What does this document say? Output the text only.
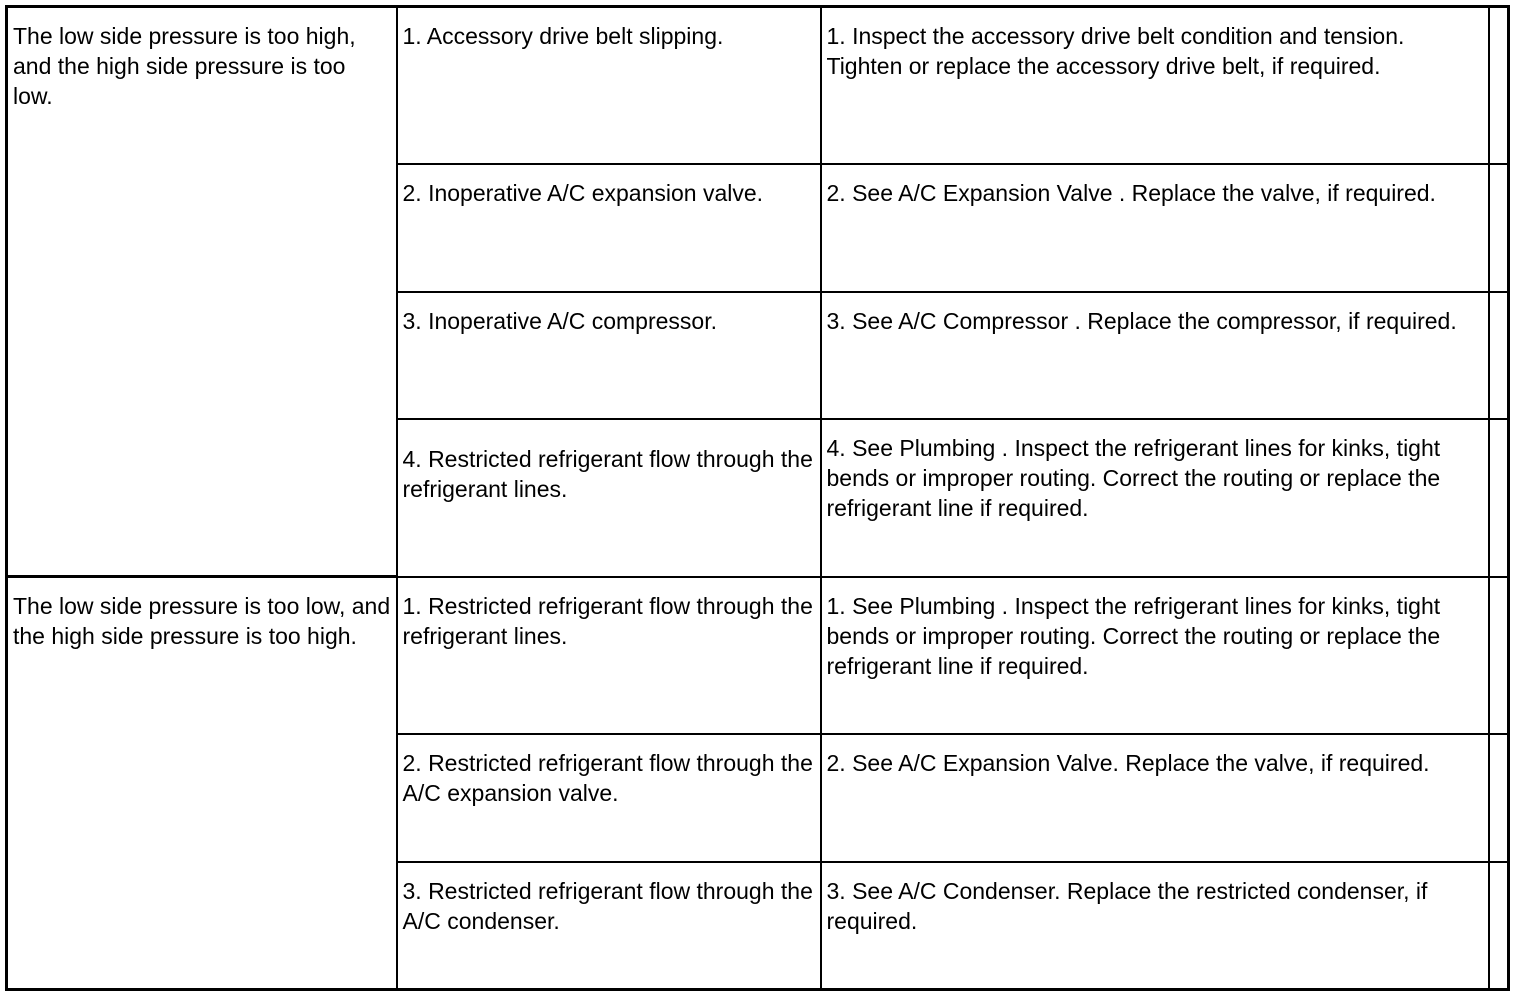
The low side pressure is too high, and the high side pressure is too low.	1. Accessory drive belt slipping.	1. Inspect the accessory drive belt condition and tension. Tighten or replace the accessory drive belt, if required.	
	2. Inoperative A/C expansion valve.	2. See A/C Expansion Valve . Replace the valve, if required.	
	3. Inoperative A/C compressor.	3. See A/C Compressor . Replace the compressor, if required.	
	4. Restricted refrigerant flow through the refrigerant lines.	4. See Plumbing . Inspect the refrigerant lines for kinks, tight bends or improper routing. Correct the routing or replace the refrigerant line if required.	
The low side pressure is too low, and the high side pressure is too high.	1. Restricted refrigerant flow through the refrigerant lines.	1. See Plumbing . Inspect the refrigerant lines for kinks, tight bends or improper routing. Correct the routing or replace the refrigerant line if required.	
	2. Restricted refrigerant flow through the A/C expansion valve.	2. See A/C Expansion Valve. Replace the valve, if required.	
	3. Restricted refrigerant flow through the A/C condenser.	3. See A/C Condenser. Replace the restricted condenser, if required.	
